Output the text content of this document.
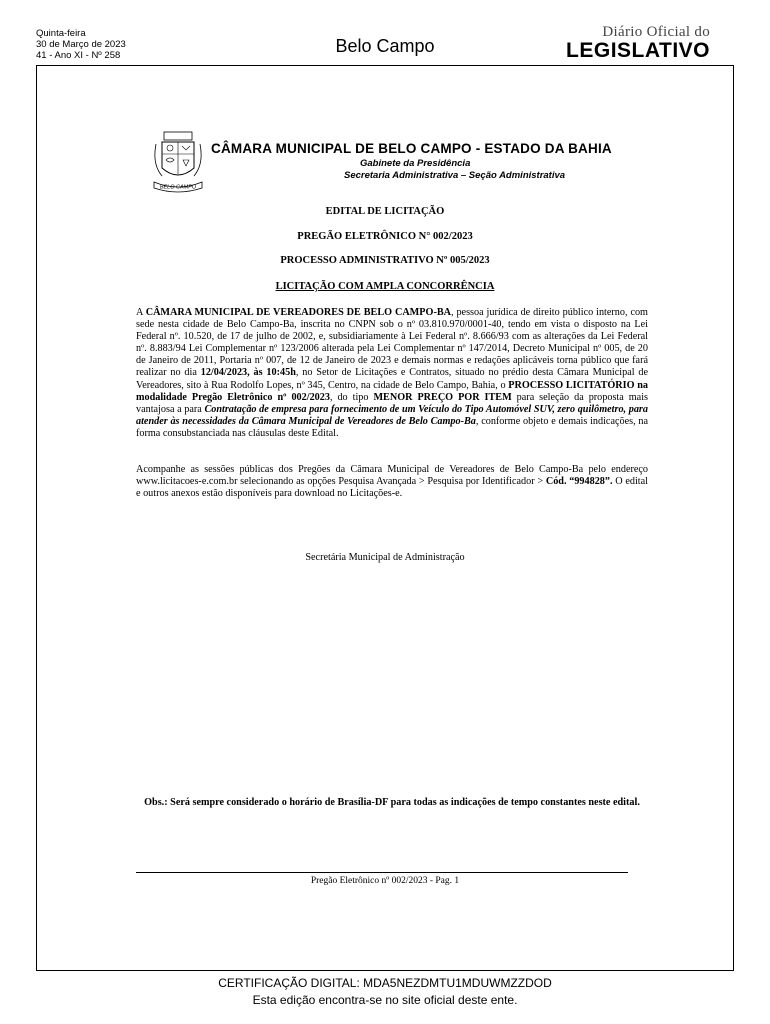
Quinta-feira
30 de Março de 2023
41 - Ano XI - Nº 258	Belo Campo
Diário Oficial do
LEGISLATIVO
BELO CAMPO
CÂMARA MUNICIPAL DE BELO CAMPO - ESTADO DA BAHIA
Gabinete da Presidência
Secretaria Administrativa – Seção Administrativa
EDITAL DE LICITAÇÃO
PREGÃO ELETRÔNICO N° 002/2023
PROCESSO ADMINISTRATIVO Nº 005/2023
LICITAÇÃO COM AMPLA CONCORRÊNCIA
A CÂMARA MUNICIPAL DE VEREADORES DE BELO CAMPO-BA, pessoa jurídica de direito público interno, com sede nesta cidade de Belo Campo-Ba, inscrita no CNPN sob o nº 03.810.970/0001-40, tendo em vista o disposto na Lei Federal nº. 10.520, de 17 de julho de 2002, e, subsidiariamente à Lei Federal nº. 8.666/93 com as alterações da Lei Federal nº. 8.883/94 Lei Complementar nº 123/2006 alterada pela Lei Complementar nº 147/2014, Decreto Municipal nº 005, de 20 de Janeiro de 2011, Portaria nº 007, de 12 de Janeiro de 2023 e demais normas e redações aplicáveis torna público que fará realizar no dia 12/04/2023, às 10:45h, no Setor de Licitações e Contratos, situado no prédio desta Câmara Municipal de Vereadores, sito à Rua Rodolfo Lopes, nº 345, Centro, na cidade de Belo Campo, Bahia, o PROCESSO LICITATÓRIO na modalidade Pregão Eletrônico nº 002/2023, do tipo MENOR PREÇO POR ITEM para seleção da proposta mais vantajosa a para Contratação de empresa para fornecimento de um Veículo do Tipo Automóvel SUV, zero quilômetro, para atender às necessidades da Câmara Municipal de Vereadores de Belo Campo-Ba, conforme objeto e demais indicações, na forma consubstanciada nas cláusulas deste Edital.
Acompanhe as sessões públicas dos Pregões da Câmara Municipal de Vereadores de Belo Campo-Ba pelo endereço www.licitacoes-e.com.br selecionando as opções Pesquisa Avançada > Pesquisa por Identificador > Cód. “994828”. O edital e outros anexos estão disponíveis para download no Licitações-e.
Secretária Municipal de Administração
Obs.: Será sempre considerado o horário de Brasília-DF para todas as indicações de tempo constantes neste edital.
Pregão Eletrônico nº 002/2023 - Pag. 1
CERTIFICAÇÃO DIGITAL: MDA5NEZDMTU1MDUWMZZDOD
Esta edição encontra-se no site oficial deste ente.
